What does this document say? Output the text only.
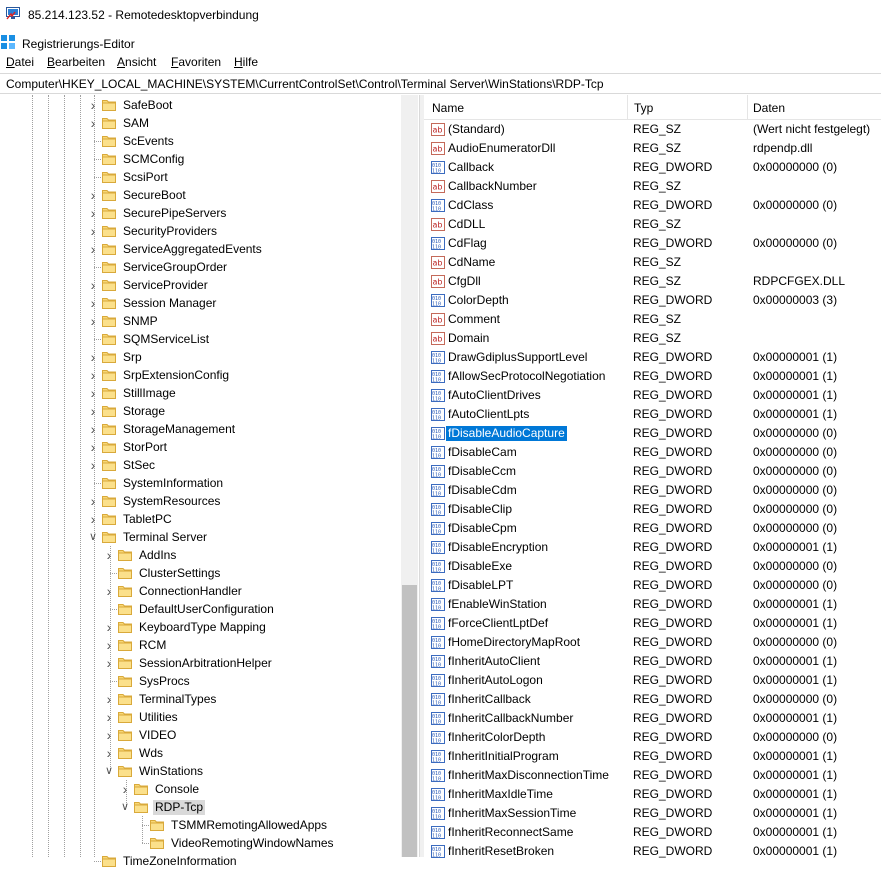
85.214.123.52 - Remotedesktopverbindung
Registrierungs-Editor
Datei Bearbeiten Ansicht Favoriten Hilfe
Computer\HKEY_LOCAL_MACHINE\SYSTEM\CurrentControlSet\Control\Terminal Server\WinStations\RDP-Tcp
› SafeBoot
› SAM
ScEvents
SCMConfig
ScsiPort
› SecureBoot
› SecurePipeServers
› SecurityProviders
› ServiceAggregatedEvents
ServiceGroupOrder
› ServiceProvider
› Session Manager
› SNMP
SQMServiceList
› Srp
› SrpExtensionConfig
› StillImage
› Storage
› StorageManagement
› StorPort
› StSec
SystemInformation
› SystemResources
› TabletPC
∨ Terminal Server
› AddIns
ClusterSettings
› ConnectionHandler
DefaultUserConfiguration
› KeyboardType Mapping
› RCM
› SessionArbitrationHelper
SysProcs
› TerminalTypes
› Utilities
› VIDEO
› Wds
∨ WinStations
› Console
∨ RDP-Tcp
TSMMRemotingAllowedApps
VideoRemotingWindowNames
TimeZoneInformation
Name	Typ	Daten
ab (Standard)	REG_SZ	(Wert nicht festgelegt)
ab AudioEnumeratorDll	REG_SZ	rdpendp.dll
010
110 Callback	REG_DWORD	0x00000000 (0)
ab CallbackNumber	REG_SZ
010
110 CdClass	REG_DWORD	0x00000000 (0)
ab CdDLL	REG_SZ
010
110 CdFlag	REG_DWORD	0x00000000 (0)
ab CdName	REG_SZ
ab CfgDll	REG_SZ	RDPCFGEX.DLL
010
110 ColorDepth	REG_DWORD	0x00000003 (3)
ab Comment	REG_SZ
ab Domain	REG_SZ
010
110 DrawGdiplusSupportLevel	REG_DWORD	0x00000001 (1)
010
110 fAllowSecProtocolNegotiation REG_DWORD	0x00000001 (1)
010
110 fAutoClientDrives	REG_DWORD	0x00000001 (1)
010
110 fAutoClientLpts	REG_DWORD	0x00000001 (1)
010
110 fDisableAudioCapture	REG_DWORD	0x00000000 (0)
010
110 fDisableCam	REG_DWORD	0x00000000 (0)
010
110 fDisableCcm	REG_DWORD	0x00000000 (0)
010
110 fDisableCdm	REG_DWORD	0x00000000 (0)
010
110 fDisableClip	REG_DWORD	0x00000000 (0)
010
110 fDisableCpm	REG_DWORD	0x00000000 (0)
010
110 fDisableEncryption	REG_DWORD	0x00000001 (1)
010
110 fDisableExe	REG_DWORD	0x00000000 (0)
010
110 fDisableLPT	REG_DWORD	0x00000000 (0)
010
110 fEnableWinStation	REG_DWORD	0x00000001 (1)
010
110 fForceClientLptDef	REG_DWORD	0x00000001 (1)
010
110 fHomeDirectoryMapRoot	REG_DWORD	0x00000000 (0)
010
110 fInheritAutoClient	REG_DWORD	0x00000001 (1)
010
110 fInheritAutoLogon	REG_DWORD	0x00000001 (1)
010
110 fInheritCallback	REG_DWORD	0x00000000 (0)
010
110 fInheritCallbackNumber	REG_DWORD	0x00000001 (1)
010
110 fInheritColorDepth	REG_DWORD	0x00000000 (0)
010
110 fInheritInitialProgram	REG_DWORD	0x00000001 (1)
010
110 fInheritMaxDisconnectionTime REG_DWORD	0x00000001 (1)
010
110 fInheritMaxIdleTime	REG_DWORD	0x00000001 (1)
010
110 fInheritMaxSessionTime	REG_DWORD	0x00000001 (1)
010
110 fInheritReconnectSame	REG_DWORD	0x00000001 (1)
010
110 fInheritResetBroken	REG_DWORD	0x00000001 (1)
